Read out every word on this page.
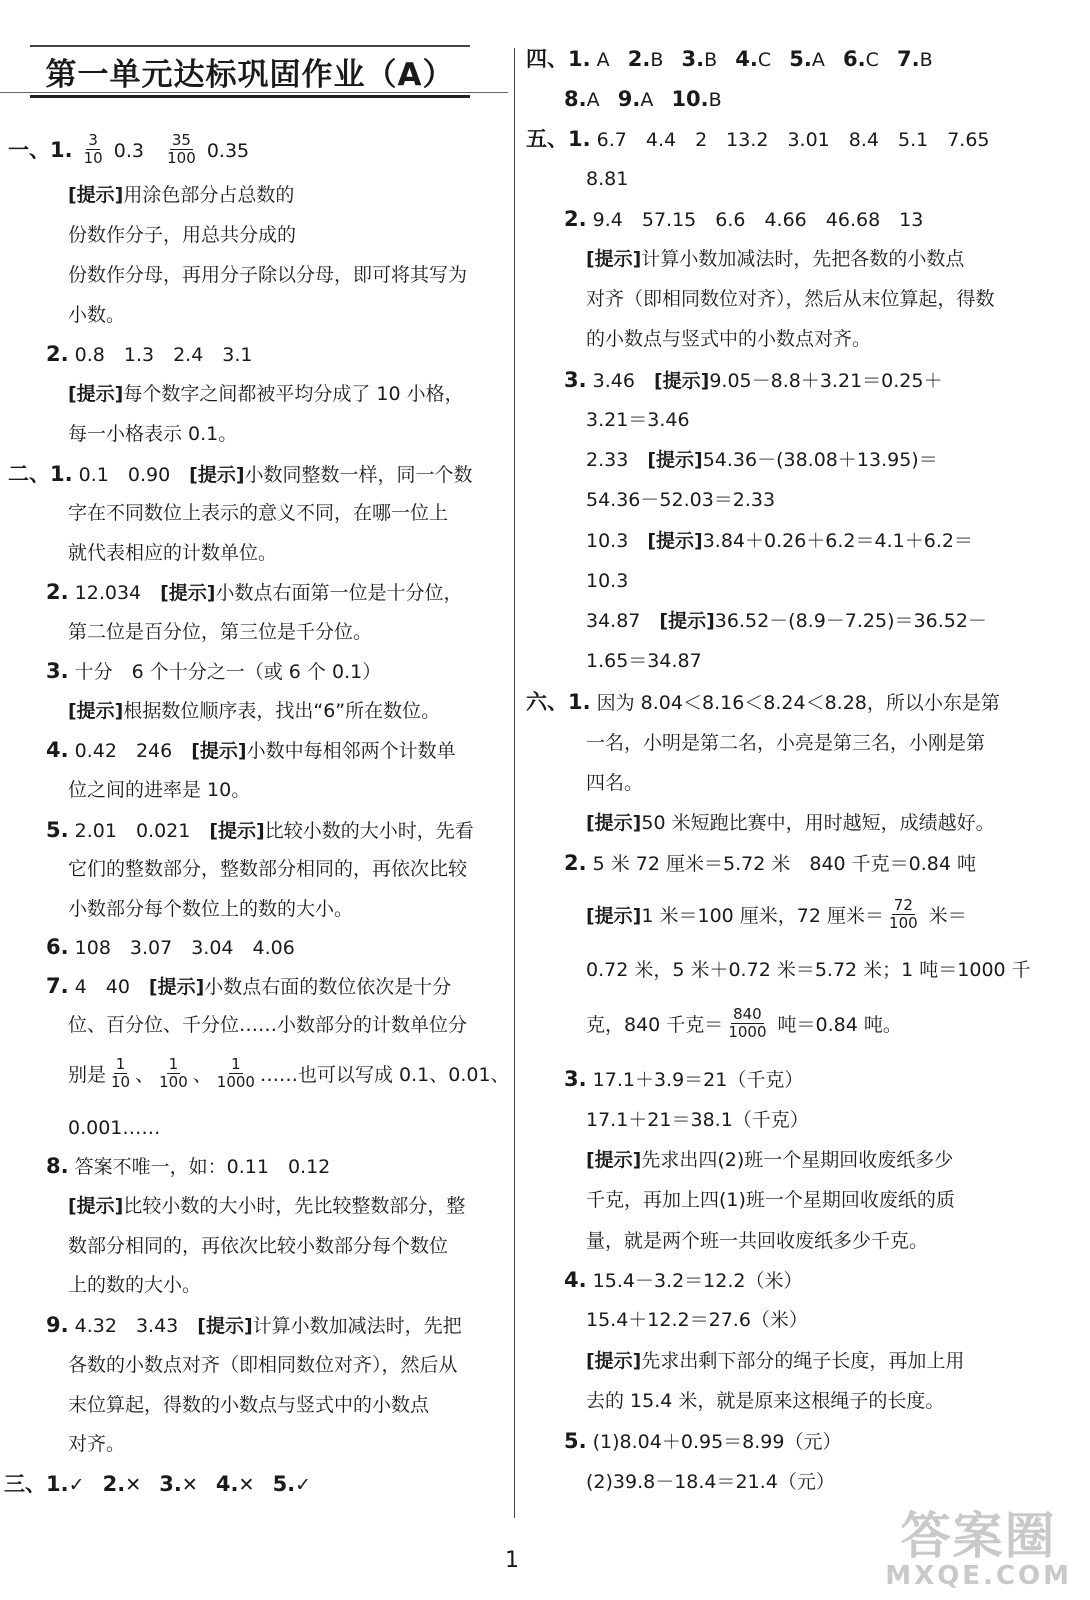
第一单元达标巩固作业（A）
一、1. $\frac{3}{10} 0.3 \frac{35}{100} 0.35$
[提示]用涂色部分占总数的
份数作分子，用总共分成的
份数作分母，再用分子除以分母，即可将其写为
小数。
2. 0.8　1.3　2.4　3.1
[提示]每个数字之间都被平均分成了 10 小格，
每一小格表示 0.1。
二、1. 0.1　0.90　[提示]小数同整数一样，同一个数
字在不同数位上表示的意义不同，在哪一位上
就代表相应的计数单位。
2. 12.034　[提示]小数点右面第一位是十分位，
第二位是百分位，第三位是千分位。
3. 十分　6 个十分之一（或 6 个 0.1）
[提示]根据数位顺序表，找出“6”所在数位。
4. 0.42　246　[提示]小数中每相邻两个计数单
位之间的进率是 10。
5. 2.01　0.021　[提示]比较小数的大小时，先看
它们的整数部分，整数部分相同的，再依次比较
小数部分每个数位上的数的大小。
6. 108　3.07　3.04　4.06
7. 4　40　[提示]小数点右面的数位依次是十分
位、百分位、千分位……小数部分的计数单位分
别是 $\frac{1}{10}$ 、 $\frac{1}{100}$ 、 $\frac{1}{1000}$ ……也可以写成 0.1、0.01、
0.001……
8. 答案不唯一，如：0.11　0.12
[提示]比较小数的大小时，先比较整数部分，整
数部分相同的，再依次比较小数部分每个数位
上的数的大小。
9. 4.32　3.43　[提示]计算小数加减法时，先把
各数的小数点对齐（即相同数位对齐），然后从
末位算起，得数的小数点与竖式中的小数点
对齐。
三、1.✓ 2.✕ 3.✕ 4.✕ 5.✓
四、1. A 2.B 3.B 4.C 5.A 6.C 7.B
8.A 9.A 10.B
五、1. 6.7　4.4　2　13.2　3.01　8.4　5.1　7.65
8.81
2. 9.4　57.15　6.6　4.66　46.68　13
[提示]计算小数加减法时，先把各数的小数点
对齐（即相同数位对齐），然后从末位算起，得数
的小数点与竖式中的小数点对齐。
3. 3.46　[提示]9.05－8.8＋3.21＝0.25＋
3.21＝3.46
2.33　[提示]54.36－(38.08＋13.95)＝
54.36－52.03＝2.33
10.3　[提示]3.84＋0.26＋6.2＝4.1＋6.2＝
10.3
34.87　[提示]36.52－(8.9－7.25)＝36.52－
1.65＝34.87
六、1. 因为 8.04＜8.16＜8.24＜8.28，所以小东是第
一名，小明是第二名，小亮是第三名，小刚是第
四名。
[提示]50 米短跑比赛中，用时越短，成绩越好。
2. 5 米 72 厘米＝5.72 米　840 千克＝0.84 吨
[提示]1 米＝100 厘米，72 厘米＝ $\frac{72}{100}$ 米＝
0.72 米，5 米＋0.72 米＝5.72 米；1 吨＝1000 千
克，840 千克＝ $\frac{840}{1000}$ 吨＝0.84 吨。
3. 17.1＋3.9＝21（千克）
17.1＋21＝38.1（千克）
[提示]先求出四(2)班一个星期回收废纸多少
千克，再加上四(1)班一个星期回收废纸的质
量，就是两个班一共回收废纸多少千克。
4. 15.4－3.2＝12.2（米）
15.4＋12.2＝27.6（米）
[提示]先求出剩下部分的绳子长度，再加上用
去的 15.4 米，就是原来这根绳子的长度。
5. (1)8.04＋0.95＝8.99（元）
(2)39.8－18.4＝21.4（元）
1	答案圈
MXQE.COM
